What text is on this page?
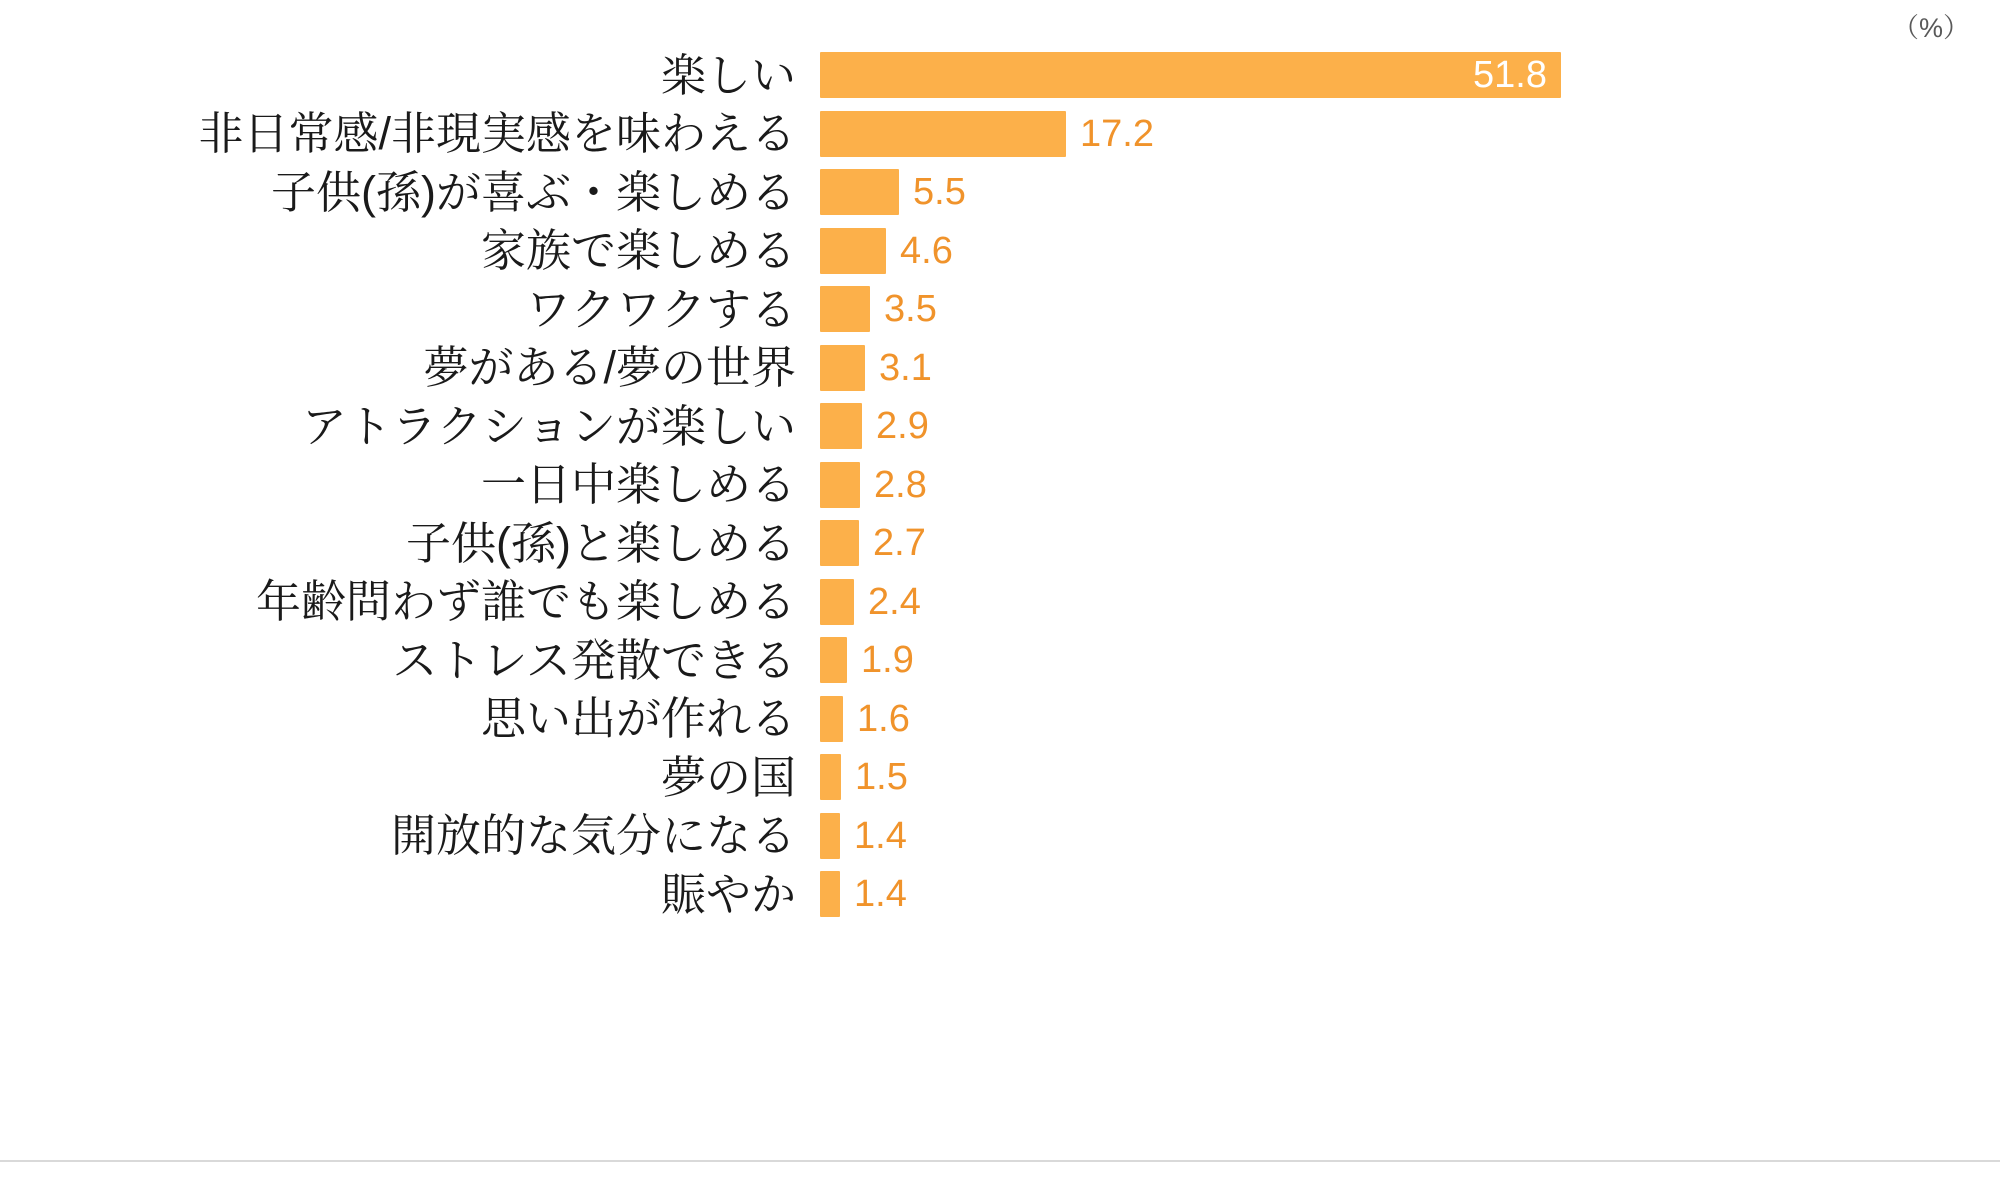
（%）
楽しい	51.8
非日常感/非現実感を味わえる	17.2
子供(孫)が喜ぶ・楽しめる	5.5
家族で楽しめる	4.6
ワクワクする	3.5
夢がある/夢の世界	3.1
アトラクションが楽しい	2.9
一日中楽しめる	2.8
子供(孫)と楽しめる	2.7
年齢問わず誰でも楽しめる	2.4
ストレス発散できる	1.9
思い出が作れる	1.6
夢の国	1.5
開放的な気分になる	1.4
賑やか	1.4
